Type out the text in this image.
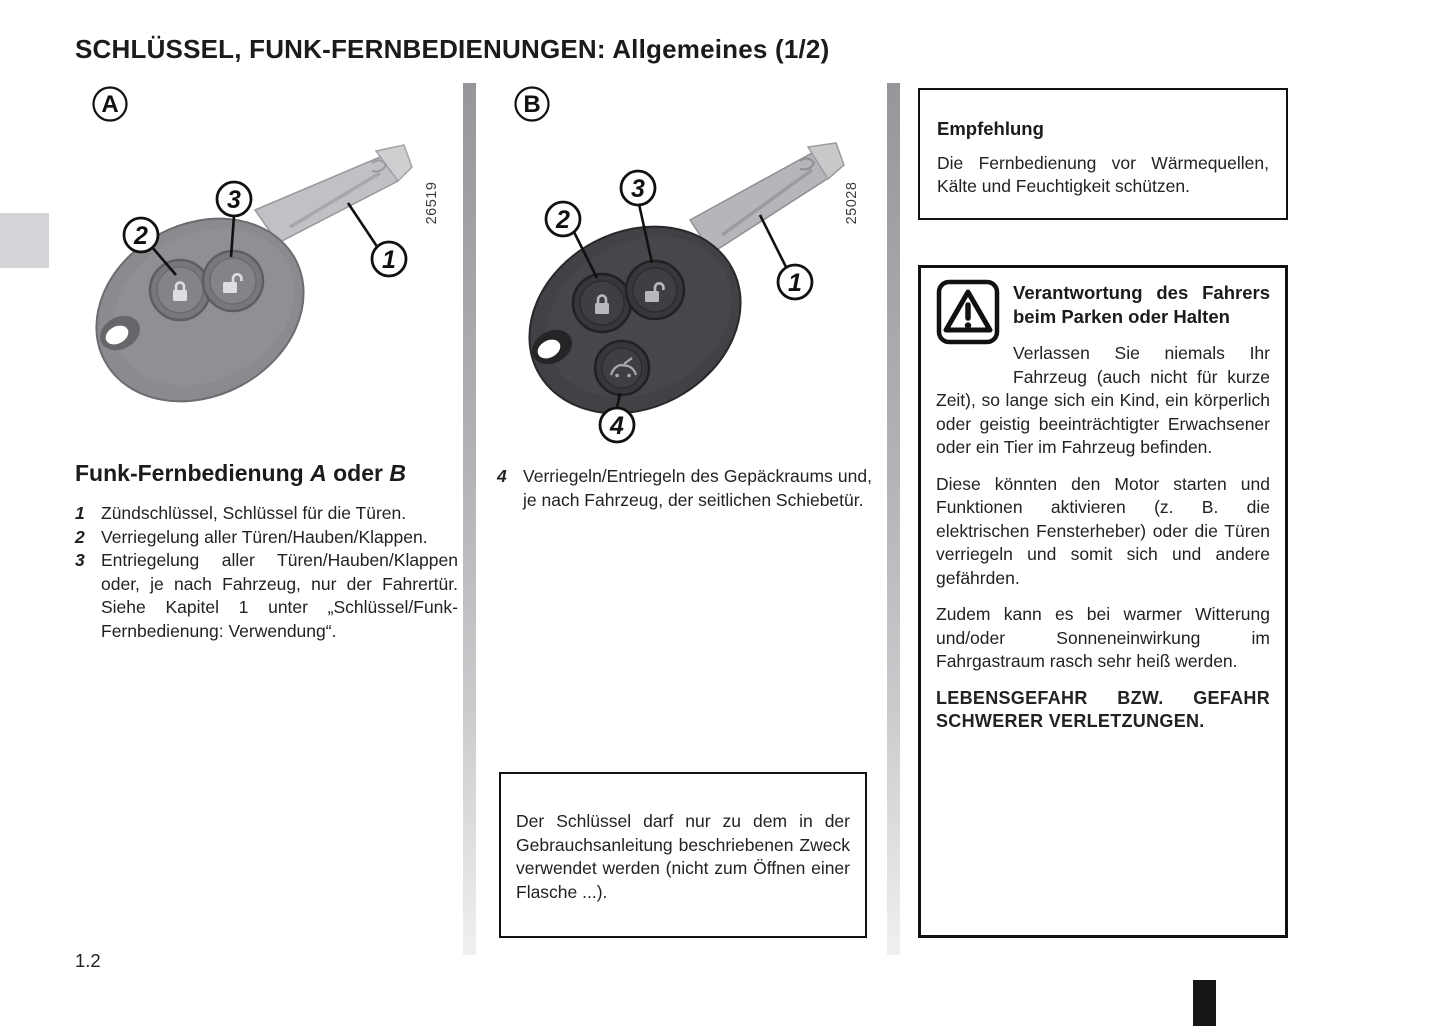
SCHLÜSSEL, FUNK-FERNBEDIENUNGEN: Allgemeines (1/2)
2
3
1
A
26519	2
3
1
4
B
25028
Funk-Fernbedienung A oder B
1 Zündschlüssel, Schlüssel für die Türen.
2 Verriegelung aller Türen/Hauben/Klappen.
3 Entriegelung aller Türen/Hauben/Klappen oder, je nach Fahrzeug, nur der Fahrertür. Siehe Kapitel 1 unter „Schlüssel/Funk-Fernbedienung: Verwendung“.
4 Verriegeln/Entriegeln des Gepäckraums und, je nach Fahrzeug, der seitlichen Schiebetür.

Der Schlüssel darf nur zu dem in der Gebrauchsanleitung beschriebenen Zweck verwendet werden (nicht zum Öffnen einer Flasche ...).

Empfehlung

Die Fernbedienung vor Wärmequellen, Kälte und Feuchtigkeit schützen.

Verantwortung des Fahrers beim Parken oder Halten

Verlassen Sie niemals Ihr Fahrzeug (auch nicht für kurze Zeit), so lange sich ein Kind, ein körperlich oder geistig beeinträchtigter Erwachsener oder ein Tier im Fahrzeug befinden.

Diese könnten den Motor starten und Funktionen aktivieren (z. B. die elektrischen Fensterheber) oder die Türen verriegeln und somit sich und andere gefährden.

Zudem kann es bei warmer Witterung und/oder Sonneneinwirkung im Fahrgastraum rasch sehr heiß werden.

LEBENSGEFAHR BZW. GEFAHR SCHWERER VERLETZUNGEN.

1.2
